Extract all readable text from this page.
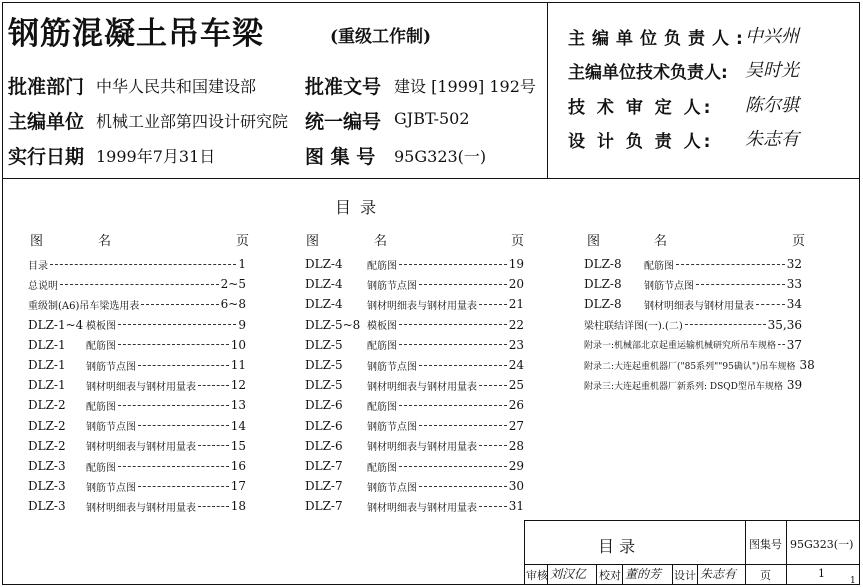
钢筋混凝土吊车梁	(重级工作制)
批准部门 中华人民共和国建设部
主编单位 机械工业部第四设计研究院
实行日期 1999年7月31日
批准文号 建设 [1999] 192号
统一编号 GJBT-502
图 集 号 95G323(一)
主编单位负责人:
中兴州
主编单位技术负责人: 吴时光
技 术 审 定 人: 陈尔骐
设 计 负 责 人: 朱志有
目 录
图	名	页	图	名	页	图	名	页
目录	1
总说明	2~5
重级制(A6)吊车梁选用表	6~8
DLZ-1~4 模板图	9
DLZ-1	配筋图	10
DLZ-1	钢筋节点图	11
DLZ-1	钢材明细表与钢材用量表	12
DLZ-2	配筋图	13
DLZ-2	钢筋节点图	14
DLZ-2	钢材明细表与钢材用量表	15
DLZ-3	配筋图	16
DLZ-3	钢筋节点图	17
DLZ-3	钢材明细表与钢材用量表	18
DLZ-4	配筋图	19
DLZ-4	钢筋节点图	20
DLZ-4	钢材明细表与钢材用量表	21
DLZ-5~8 模板图	22
DLZ-5	配筋图	23
DLZ-5	钢筋节点图	24
DLZ-5	钢材明细表与钢材用量表	25
DLZ-6	配筋图	26
DLZ-6	钢筋节点图	27
DLZ-6	钢材明细表与钢材用量表	28
DLZ-7	配筋图	29
DLZ-7	钢筋节点图	30
DLZ-7	钢材明细表与钢材用量表	31
DLZ-8	配筋图	32
DLZ-8	钢筋节点图	33
DLZ-8	钢材明细表与钢材用量表	34
梁柱联结详图(一).(二)	35,36
附录一:机械部北京起重运输机械研究所吊车规格 37
附录二:大连起重机器厂("85系列""95确认")吊车规格 38
附录三:大连起重机器厂新系列: DSQD型吊车规格 39
目 录	图集号 95G323(一)
页	1
审核 刘汉亿 校对 董的芳 设计 朱志有	1
